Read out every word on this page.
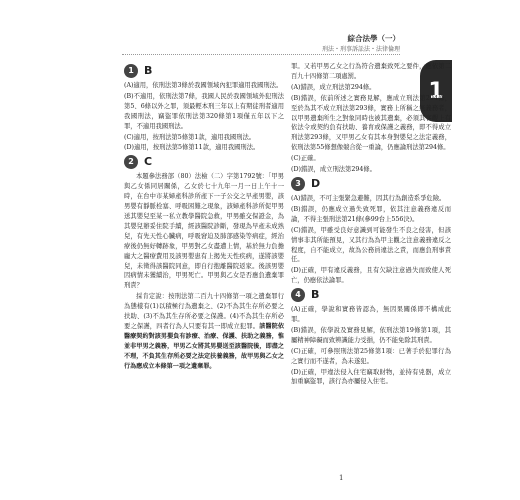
綜合法學（一）
刑法・刑事訴訟法・法律倫理
1
1 B

(A)適用，依刑法第3條於我國領域內犯罪適用我國刑法。

(B)不適用，依刑法第7條，我國人民於我國領域外犯刑法第5、6條以外之罪，須最輕本刑三年以上有期徒刑者適用我國刑法，竊盜罪依刑法第320條第1項僅五年以下之罪，不適用我國刑法。

(C)適用，按刑法第5條第1款，適用我國刑法。

(D)適用，按刑法第5條第11款，適用我國刑法。

2 C

本題參法務部（80）法檢（二）字第1792號：「甲男與乙女係同居關係，乙女於七十九年一月一日上午十一時，在台中市某婦產科診所產下一子公交之早產男嬰，該男嬰有靜脈栓塞、呼吸困難之現象，該婦產科診所促甲男送其嬰兒至某一私立教學醫院急救，甲男雖交保證金，為其嬰兒辦妥住院手續，經該醫院診斷，發現為早產未成熟兒，有先天性心臟病，呼吸窘迫及肺部感染等病症，經治療後仍無好轉跡象，甲男對乙女盡遭上情，基於無力負擔龐大之醫療費用及該男嬰患有上揭先天性疾病，遂將該嬰兒，未徵得該醫院同意，即自行抱離醫院返家。後該男嬰因病情未獲續治，甲男死亡。甲男與乙女是否應負遺棄罪刑責？

採肯定說：按刑法第二百九十四條第一項之遺棄罪行為態樣有(1)以積極行為遺棄之、(2)不為其生存所必要之扶助、(3)不為其生存所必要之保護。(4)不為其生存所必要之保護，四者行為人只要有其一即成立犯罪。該醫院依醫療契約對該男嬰負有診療、治療、保護、扶助之義務，惟並非甲男之義務，甲男乙女將其男嬰送至該醫院後，即盡之不理，不負其生存所必要之法定扶養義務，故甲男與乙女之行為應成立本條第一項之遺棄罪。

罪。又若甲男乙女之行為符合遺棄致死之要件，應依第二百九十四條第二項處罰。

(A)錯誤，成立刑法第294條。

(B)錯誤，依前所述之實務見解，應成立刑法第294條，至於為其不成立刑法第293條，實務上所稱之無義務者，以甲男遺棄所生之對象同時也被其遺棄，必須其客觀上有依法令或契約負有扶助、養育或保護之義務，即不得成立刑法第293條，又甲男乙女有其本身對嬰兒之法定義務，依刑法第55條想像競合從一重論，仍應論刑法第294條。

(C)正確。

(D)錯誤，成立刑法第294條。

3 D

(A)錯誤，不可主張緊急避難，因其行為創造系爭危險。

(B)錯誤，仍應成立過失致死罪，依其注意義務違反而論，不得主張刑法第21條(參99台上556決)。

(C)錯誤，甲雖受良好意識到可能發生不良之侵害，但該情事非其所能預見，又其行為為甲主觀之注意義務違反之程度，自不能成立，故為公務員違法之責，而應負刑事責任。

(D)正確，甲有違反義務，且有欠缺注意過失而致使人死亡，仍應依法論罪。

4 B

(A)正確，學說和實務皆認為，無因果關係即不構成此罪。

(B)錯誤，依學說及實務見解，依刑法第19條第1項，其屬精神障礙而致辨識能力受損，仍不能免除其刑責。

(C)正確，可參照刑法第25條第1項：已著手於犯罪行為之實行而不遂者，為未遂犯。

(D)正確，甲違法侵入住宅竊取財物，並持有兇器，成立加重竊盜罪，該行為亦屬侵入住宅。

1
